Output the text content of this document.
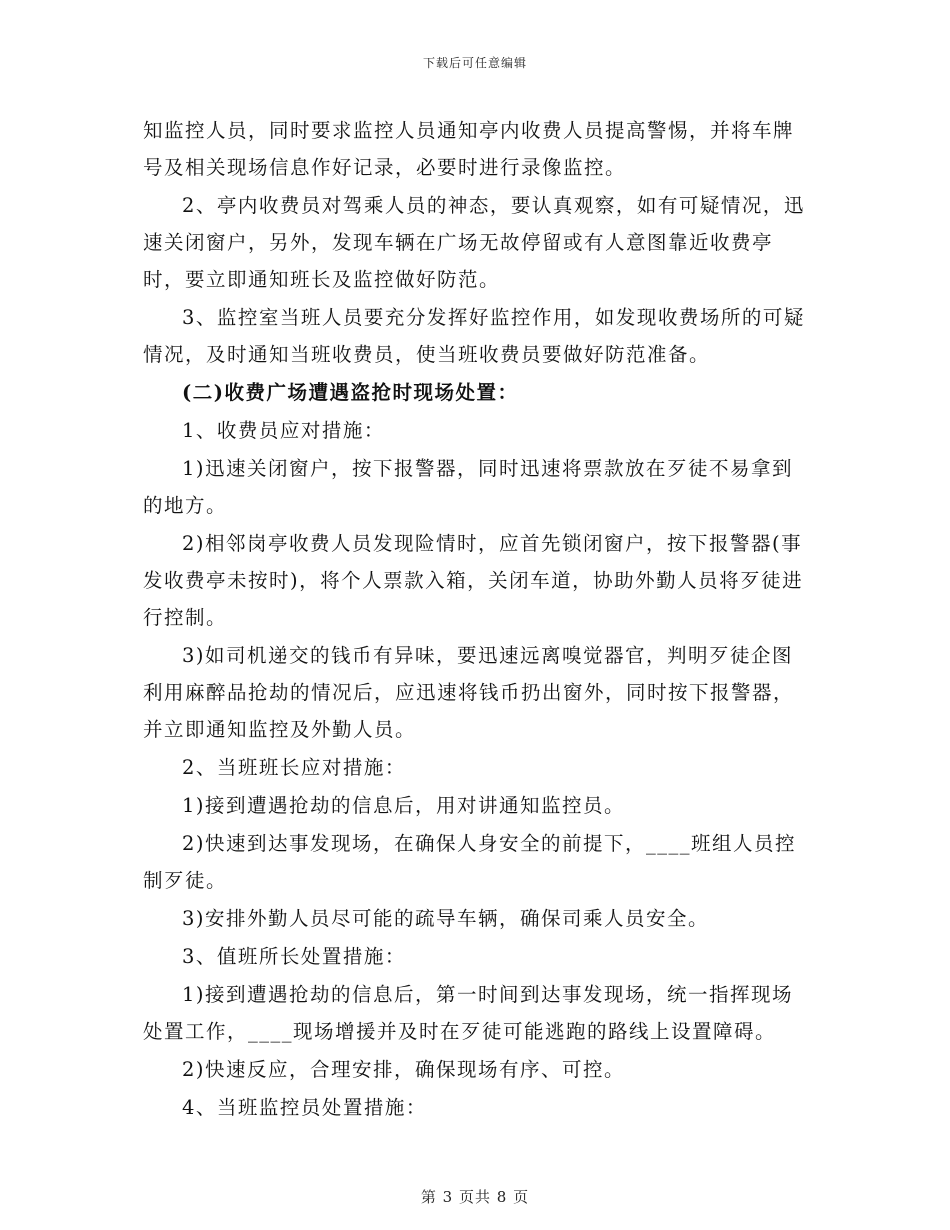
下载后可任意编辑

知监控人员，同时要求监控人员通知亭内收费人员提高警惕，并将车牌号及相关现场信息作好记录，必要时进行录像监控。

2、亭内收费员对驾乘人员的神态，要认真观察，如有可疑情况，迅速关闭窗户，另外，发现车辆在广场无故停留或有人意图靠近收费亭时，要立即通知班长及监控做好防范。

3、监控室当班人员要充分发挥好监控作用，如发现收费场所的可疑情况，及时通知当班收费员，使当班收费员要做好防范准备。

(二)收费广场遭遇盗抢时现场处置：

1、收费员应对措施：

1)迅速关闭窗户，按下报警器，同时迅速将票款放在歹徒不易拿到的地方。

2)相邻岗亭收费人员发现险情时，应首先锁闭窗户，按下报警器(事发收费亭未按时)，将个人票款入箱，关闭车道，协助外勤人员将歹徒进行控制。

3)如司机递交的钱币有异味，要迅速远离嗅觉器官，判明歹徒企图利用麻醉品抢劫的情况后，应迅速将钱币扔出窗外，同时按下报警器，并立即通知监控及外勤人员。

2、当班班长应对措施：

1)接到遭遇抢劫的信息后，用对讲通知监控员。

2)快速到达事发现场，在确保人身安全的前提下，____班组人员控制歹徒。

3)安排外勤人员尽可能的疏导车辆，确保司乘人员安全。

3、值班所长处置措施：

1)接到遭遇抢劫的信息后，第一时间到达事发现场，统一指挥现场处置工作，____现场增援并及时在歹徒可能逃跑的路线上设置障碍。

2)快速反应，合理安排，确保现场有序、可控。

4、当班监控员处置措施：

第 3 页共 8 页
